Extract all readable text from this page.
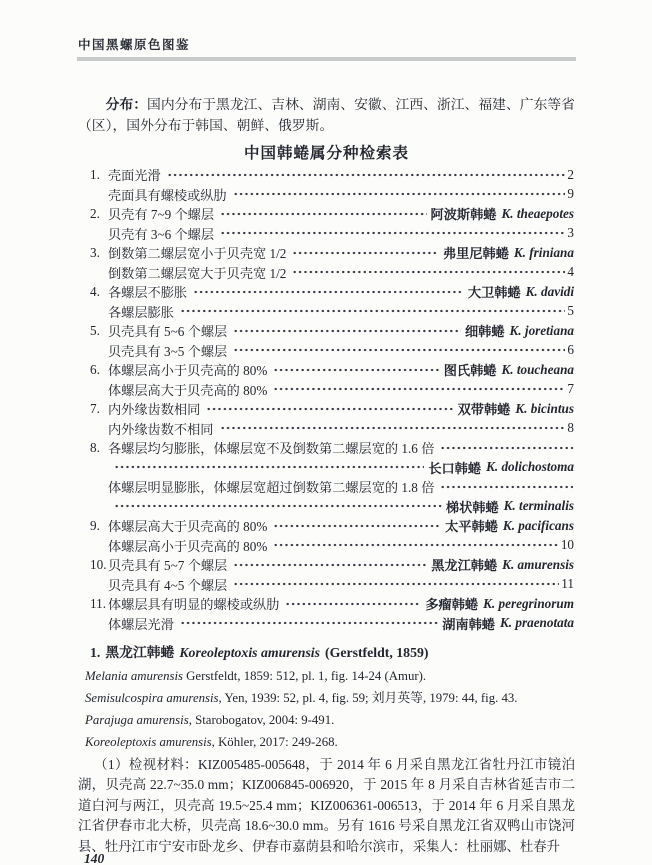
中国黑螺原色图鉴

分布：国内分布于黑龙江、吉林、湖南、安徽、江西、浙江、福建、广东等省（区），国外分布于韩国、朝鲜、俄罗斯。

中国韩蜷属分种检索表
1. 壳面光滑	2
壳面具有螺棱或纵肋	9
2. 贝壳有 7~9 个螺层	阿波斯韩蜷 K. theaepotes
贝壳有 3~6 个螺层	3
3. 倒数第二螺层宽小于贝壳宽 1/2	弗里尼韩蜷 K. friniana
倒数第二螺层宽大于贝壳宽 1/2	4
4. 各螺层不膨胀	大卫韩蜷 K. davidi
各螺层膨胀	5
5. 贝壳具有 5~6 个螺层	细韩蜷 K. joretiana
贝壳具有 3~5 个螺层	6
6. 体螺层高小于贝壳高的 80%	图氏韩蜷 K. toucheana
体螺层高大于贝壳高的 80%	7
7. 内外缘齿数相同	双带韩蜷 K. bicintus
内外缘齿数不相同	8
8. 各螺层均匀膨胀，体螺层宽不及倒数第二螺层宽的 1.6 倍
长口韩蜷 K. dolichostoma
体螺层明显膨胀，体螺层宽超过倒数第二螺层宽的 1.8 倍
梯状韩蜷 K. terminalis
9. 体螺层高大于贝壳高的 80%	太平韩蜷 K. pacificans
体螺层高小于贝壳高的 80%	10
10. 贝壳具有 5~7 个螺层	黑龙江韩蜷 K. amurensis
贝壳具有 4~5 个螺层	11
11. 体螺层具有明显的螺棱或纵肋	多瘤韩蜷 K. peregrinorum
体螺层光滑	湖南韩蜷 K. praenotata

1. 黑龙江韩蜷 Koreoleptoxis amurensis (Gerstfeldt, 1859)

Melania amurensis Gerstfeldt, 1859: 512, pl. 1, fig. 14-24 (Amur).
Semisulcospira amurensis, Yen, 1939: 52, pl. 4, fig. 59; 刘月英等, 1979: 44, fig. 43.
Parajuga amurensis, Starobogatov, 2004: 9-491.
Koreoleptoxis amurensis, Köhler, 2017: 249-268.

（1）检视材料：KIZ005485-005648，于 2014 年 6 月采自黑龙江省牡丹江市镜泊湖，贝壳高 22.7~35.0 mm；KIZ006845-006920，于 2015 年 8 月采自吉林省延吉市二道白河与两江，贝壳高 19.5~25.4 mm；KIZ006361-006513，于 2014 年 6 月采自黑龙江省伊春市北大桥，贝壳高 18.6~30.0 mm。另有 1616 号采自黑龙江省双鸭山市饶河县、牡丹江市宁安市卧龙乡、伊春市嘉荫县和哈尔滨市，采集人：杜丽娜、杜春升

140
